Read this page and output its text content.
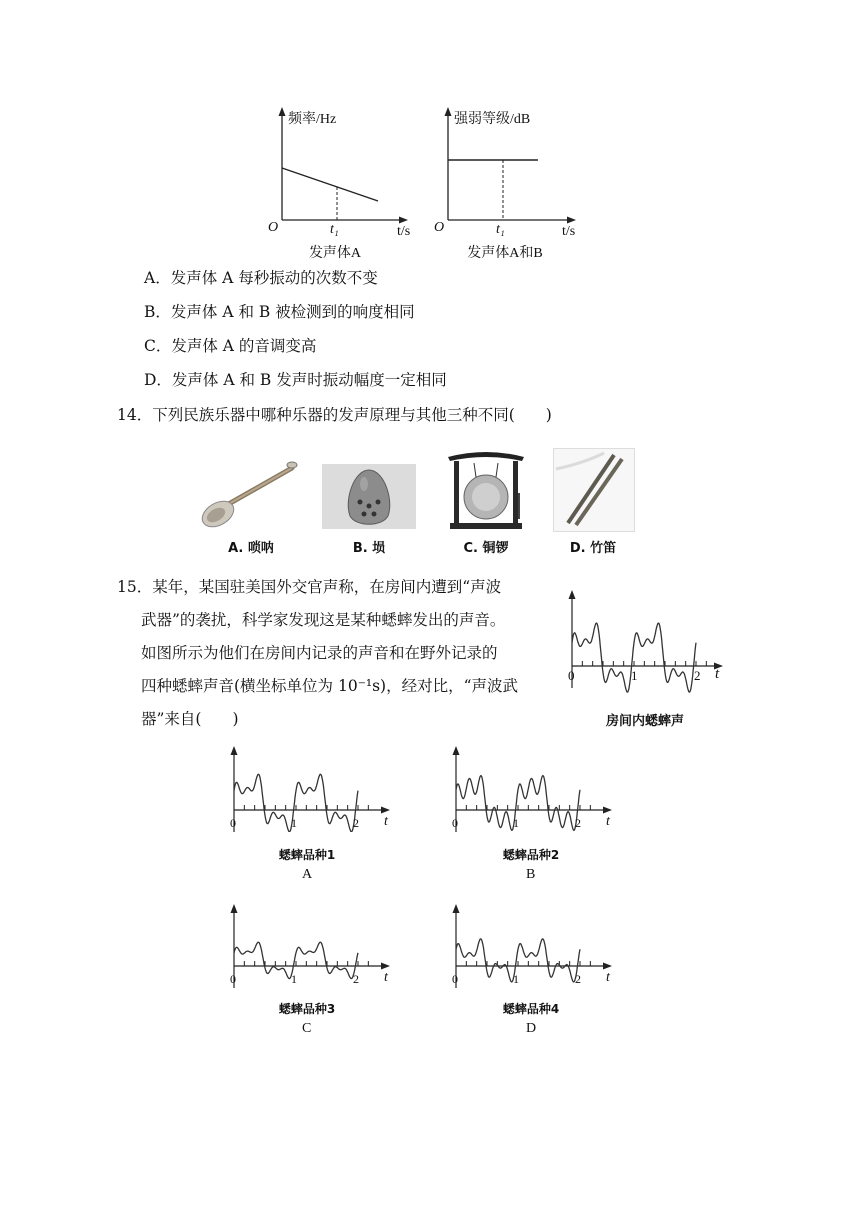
频率/Hz
O	t₁	t/s
发声体A
强弱等级/dB
O	t₁	t/s
发声体A和B
A．发声体 A 每秒振动的次数不变
B．发声体 A 和 B 被检测到的响度相同
C．发声体 A 的音调变高
D．发声体 A 和 B 发声时振动幅度一定相同
14．下列民族乐器中哪种乐器的发声原理与其他三种不同(　　)
A. 唢呐	B. 埙	C. 铜锣	D. 竹笛
15．某年，某国驻美国外交官声称，在房间内遭到“声波
武器”的袭扰，科学家发现这是某种蟋蟀发出的声音。
如图所示为他们在房间内记录的声音和在野外记录的
四种蟋蟀声音(横坐标单位为 10⁻¹s)，经对比，“声波武
器”来自(　　)
0	1	2 t
房间内蟋蟀声
0	1	2 t
蟋蟀品种1
A
0	1	2 t
蟋蟀品种2
B
0	1	2 t
蟋蟀品种3
C
0	1	2 t
蟋蟀品种4
D
